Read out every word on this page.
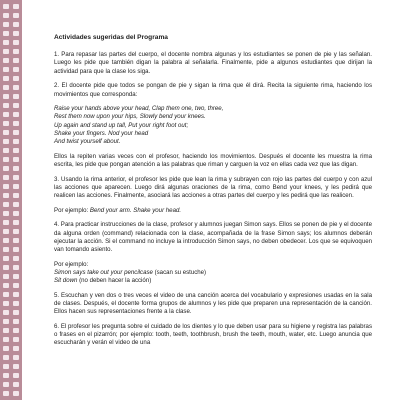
Actividades sugeridas del Programa

1. Para repasar las partes del cuerpo, el docente nombra algunas y los estudiantes se ponen de pie y las señalan. Luego les pide que también digan la palabra al señalarla. Finalmente, pide a algunos estudiantes que dirijan la actividad para que la clase los siga.

2. El docente pide que todos se pongan de pie y sigan la rima que él dirá. Recita la siguiente rima, haciendo los movimientos que corresponda:

Raise your hands above your head, Clap them one, two, three,
Rest them now upon your hips, Slowly bend your knees.
Up again and stand up tall, Put your right foot out;
Shake your fingers. Nod your head
And twist yourself about.

Ellos la repiten varias veces con el profesor, haciendo los movimientos. Después el docente les muestra la rima escrita, les pide que pongan atención a las palabras que riman y carguen la voz en ellas cada vez que las digan.

3. Usando la rima anterior, el profesor les pide que lean la rima y subrayen con rojo las partes del cuerpo y con azul las acciones que aparecen. Luego dirá algunas oraciones de la rima, como Bend your knees, y les pedirá que realicen las acciones. Finalmente, asociará las acciones a otras partes del cuerpo y les pedirá que las realicen.

Por ejemplo: Bend your arm. Shake your head.

4. Para practicar instrucciones de la clase, profesor y alumnos juegan Simon says. Ellos se ponen de pie y el docente da alguna orden (command) relacionada con la clase, acompañada de la frase Simon says; los alumnos deberán ejecutar la acción. Si el command no incluye la introducción Simon says, no deben obedecer. Los que se equivoquen van tomando asiento.

Por ejemplo:
Simon says take out your pencilcase (sacan su estuche)
Sit down (no deben hacer la acción)

5. Escuchan y ven dos o tres veces el video de una canción acerca del vocabulario y expresiones usadas en la sala de clases. Después, el docente forma grupos de alumnos y les pide que preparen una representación de la canción. Ellos hacen sus representaciones frente a la clase.

6. El profesor les pregunta sobre el cuidado de los dientes y lo que deben usar para su higiene y registra las palabras o frases en el pizarrón; por ejemplo: tooth, teeth, toothbrush, brush the teeth, mouth, water, etc. Luego anuncia que escucharán y verán el video de una
